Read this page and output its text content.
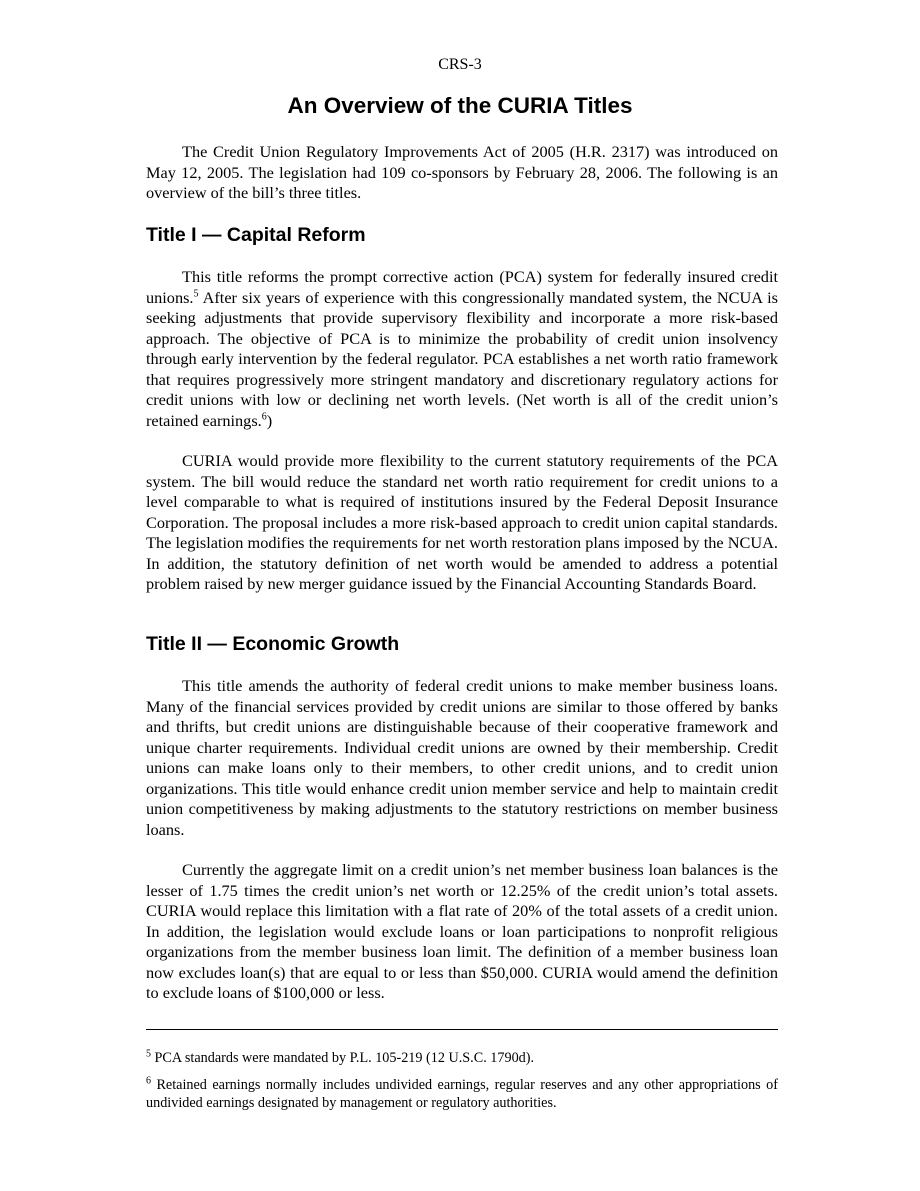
CRS-3
An Overview of the CURIA Titles

The Credit Union Regulatory Improvements Act of 2005 (H.R. 2317) was introduced on May 12, 2005. The legislation had 109 co-sponsors by February 28, 2006. The following is an overview of the bill’s three titles.

Title I — Capital Reform

This title reforms the prompt corrective action (PCA) system for federally insured credit unions.$^5$ After six years of experience with this congressionally mandated system, the NCUA is seeking adjustments that provide supervisory flexibility and incorporate a more risk-based approach. The objective of PCA is to minimize the probability of credit union insolvency through early intervention by the federal regulator. PCA establishes a net worth ratio framework that requires progressively more stringent mandatory and discretionary regulatory actions for credit unions with low or declining net worth levels. (Net worth is all of the credit union’s retained earnings.$^6$)

CURIA would provide more flexibility to the current statutory requirements of the PCA system. The bill would reduce the standard net worth ratio requirement for credit unions to a level comparable to what is required of institutions insured by the Federal Deposit Insurance Corporation. The proposal includes a more risk-based approach to credit union capital standards. The legislation modifies the requirements for net worth restoration plans imposed by the NCUA. In addition, the statutory definition of net worth would be amended to address a potential problem raised by new merger guidance issued by the Financial Accounting Standards Board.

Title II — Economic Growth

This title amends the authority of federal credit unions to make member business loans. Many of the financial services provided by credit unions are similar to those offered by banks and thrifts, but credit unions are distinguishable because of their cooperative framework and unique charter requirements. Individual credit unions are owned by their membership. Credit unions can make loans only to their members, to other credit unions, and to credit union organizations. This title would enhance credit union member service and help to maintain credit union competitiveness by making adjustments to the statutory restrictions on member business loans.

Currently the aggregate limit on a credit union’s net member business loan balances is the lesser of 1.75 times the credit union’s net worth or 12.25% of the credit union’s total assets. CURIA would replace this limitation with a flat rate of 20% of the total assets of a credit union. In addition, the legislation would exclude loans or loan participations to nonprofit religious organizations from the member business loan limit. The definition of a member business loan now excludes loan(s) that are equal to or less than $50,000. CURIA would amend the definition to exclude loans of $100,000 or less.

$^5$ PCA standards were mandated by P.L. 105-219 (12 U.S.C. 1790d).

$^6$ Retained earnings normally includes undivided earnings, regular reserves and any other appropriations of undivided earnings designated by management or regulatory authorities.
